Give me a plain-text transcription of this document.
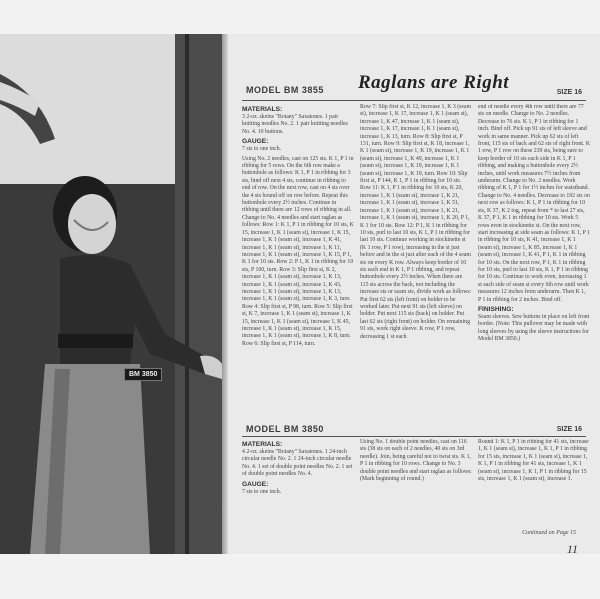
BM 3850
Raglans are Right
MODEL BM 3855	SIZE 16
MATERIALS:

3 2-oz. skeins "Botany" Saxatones. 1 pair knitting needles No. 2. 1 pair knitting needles No. 4. 10 buttons.

GAUGE:

7 sts to one inch.

Using No. 2 needles, cast on 125 sts. K 1, P 1 in ribbing for 5 rows. On the 6th row make a buttonhole as follows: K 1, P 1 in ribbing for 3 sts, bind off next 4 sts, continue in ribbing to end of row. On the next row, cast on 4 sts over the 4 sts bound off on row before. Repeat this buttonhole every 2½ inches. Continue in ribbing until there are 12 rows of ribbing in all. Change to No. 4 needles and start raglan as follows: Row 1: K 1, P 1 in ribbing for 10 sts, K 15, increase 1, K 1 (seam st), increase 1, K 15, increase 1, K 1 (seam st), increase 1, K 41, increase 1, K 1 (seam st), increase 1, K 11, increase 1, K 1 (seam st), increase 1, K 15, P 1, K 1 for 10 sts. Row 2: P 1, K 1 in ribbing for 10 sts, P 100, turn. Row 3: Slip first st, K 2, increase 1, K 1 (seam st), increase 1, K 13, increase 1, K 1 (seam st), increase 1, K 43, increase 1, K 1 (seam st), increase 1, K 13, increase 1, K 1 (seam st), increase 1, K 3, turn. Row 4: Slip first st, P 98, turn. Row 5: Slip first st, K 7, increase 1, K 1 (seam st), increase 1, K 15, increase 1, K 1 (seam st), increase 1, K 45, increase 1, K 1 (seam st), increase 1, K 15, increase 1, K 1 (seam st), increase 1, K 8, turn. Row 6: Slip first st, P 114, turn.

Row 7: Slip first st, K 12, increase 1, K 3 (seam st), increase 1, K 17, increase 1, K 1 (seam st), increase 1, K 47, increase 1, K 1 (seam st), increase 1, K 17, increase 1, K 1 (seam st), increase 1, K 13, turn. Row 8: Slip first st, P 131, turn. Row 9: Slip first st, K 18, increase 1, K 1 (seam st), increase 1, K 19, increase 1, K 1 (seam st), increase 1, K 49, increase 1, K 1 (seam st), increase 1, K 19, increase 1, K 1 (seam st), increase 1, K 19, turn. Row 10: Slip first st, P 144, K 1, P 1 in ribbing for 10 sts. Row 11: K 1, P 1 in ribbing for 10 sts, K 20, increase 1, K 1 (seam st), increase 1, K 21, increase 1, K 1 (seam st), increase 1, K 51, increase 1, K 1 (seam st), increase 1, K 21, increase 1, K 1 (seam st), increase 1, K 20, P 1, K 1 for 10 sts. Row 12: P 1, K 1 in ribbing for 10 sts, purl to last 10 sts, K 1, P 1 in ribbing for last 10 sts. Continue working in stockinette st (K 1 row, P 1 row), increasing in the st just before and in the st just after each of the 4 seam sts on every K row. Always keep border of 10 sts each end in K 1, P 1 ribbing, and repeat buttonhole every 2½ inches. When there are 115 sts across the back, not including the increase sts or seam sts, divide work as follows: Put first 62 sts (left front) on holder to be worked later. Put next 91 sts (left sleeve) on holder. Put next 115 sts (back) on holder. Put last 62 sts (right front) on holder. On remaining 91 sts, work right sleeve. K row, P 1 row, decreasing 1 st each

end of needle every 4th row until there are 77 sts on needle. Change to No. 2 needles. Decrease to 76 sts. K 1, P 1 in ribbing for 1 inch. Bind off. Pick up 91 sts of left sleeve and work in same manner. Pick up 62 sts of left front, 115 sts of back and 62 sts of right front. K 1 row, P 1 row on these 239 sts, being sure to keep border of 10 sts each side in K 1, P 1 ribbing, and making a buttonhole every 2½ inches, until work measures 7½ inches from underarm. Change to No. 2 needles. Work ribbing of K 1, P 1 for 1½ inches for waistband. Change to No. 4 needles. Decrease to 192 sts on next row as follows: K 1, P 1 in ribbing for 10 sts, K 37, K 2 tog, repeat from * to last 27 sts, K 37, P 1, K 1 in ribbing for 10 sts. Work 5 rows even in stockinette st. On the next row, start increasing at side seam as follows: K 1, P 1 in ribbing for 10 sts, K 41, increase 1, K 1 (seam st), increase 1, K 85, increase 1, K 1 (seam st), increase 1, K 41, P 1, K 1 in ribbing for 10 sts. On the next row, P 1, K 1 in ribbing for 10 sts, purl to last 10 sts, K 1, P 1 in ribbing for 10 sts. Continue to work even, increasing 1 st each side of seam st every 6th row until work measures 12 inches from underarm. Then K 1, P 1 in ribbing for 2 inches. Bind off.

FINISHING:

Seam sleeves. Sew buttons in place on left front border. (Note: This pullover may be made with long sleeves by using the sleeve instructions for Model BM 3850.)

MODEL BM 3850	SIZE 16
MATERIALS:

4 2-oz. skeins "Botany" Saxatones. 1 24-inch circular needle No. 2. 1 24-inch circular needle No. 4. 1 set of double point needles No. 2. 1 set of double point needles No. 4.

GAUGE:

7 sts to one inch.

Using No. 1 double point needles, cast on 116 sts (38 sts on each of 2 needles, 40 sts on 3rd needle). Join, being careful not to twist sts. K 1, P 1 in ribbing for 10 rows. Change to No. 3 double point needles and start raglan as follows: (Mark beginning of round.)

Round 1: K 1, P 1 in ribbing for 41 sts, increase 1, K 1 (seam st), increase 1, K 1, P 1 in ribbing for 15 sts, increase 1, K 1 (seam st), increase 1, K 1, P 1 in ribbing for 41 sts, increase 1, K 1 (seam st), increase 1, K 1, P 1 in ribbing for 15 sts, increase 1, K 1 (seam st), increase 1.

Continued on Page 15
11
